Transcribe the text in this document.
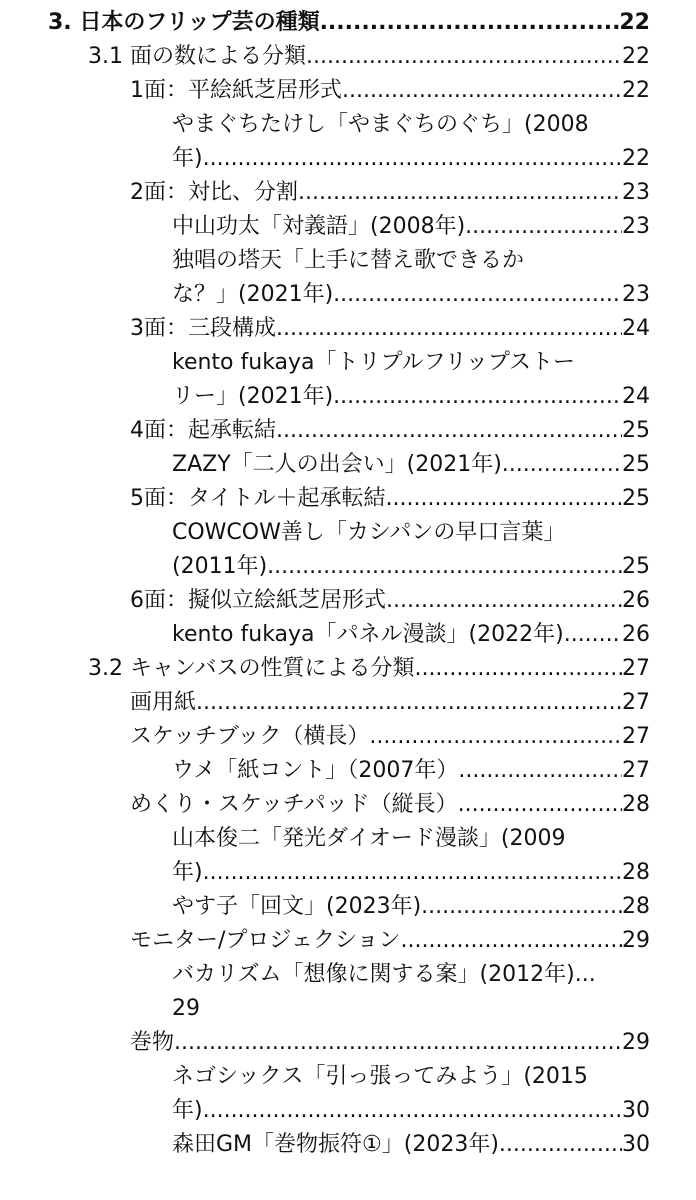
3. 日本のフリップ芸の種類 .....	22
3.1 面の数による分類 .....	22
1面：平絵紙芝居形式 .....	22
やまぐちたけし「やまぐちのぐち」(2008
年) .....	22
2面：対比、分割 .....	23
中山功太「対義語」(2008年) .....	23
独唱の塔天「上手に替え歌できるか
な？」(2021年) .....	23
3面：三段構成 .....	24
kento fukaya「トリプルフリップストー
リー」(2021年) .....	24
4面：起承転結 .....	25
ZAZY「二人の出会い」(2021年) .....	25
5面：タイトル＋起承転結 .....	25
COWCOW善し「カシパンの早口言葉」
(2011年) .....	25
6面：擬似立絵紙芝居形式 .....	26
kento fukaya「パネル漫談」(2022年) .....	26
3.2 キャンバスの性質による分類 .....	27
画用紙 .....	27
スケッチブック（横長） .....	27
ウメ「紙コント」（2007年） .....	27
めくり・スケッチパッド（縦長） .....	28
山本俊二「発光ダイオード漫談」(2009
年) .....	28
やす子「回文」(2023年) .....	28
モニター/プロジェクション .....	29
バカリズム「想像に関する案」(2012年)...
29
巻物 .....	29
ネゴシックス「引っ張ってみよう」(2015
年) .....	30
森田GM「巻物振符①」(2023年) .....	30
